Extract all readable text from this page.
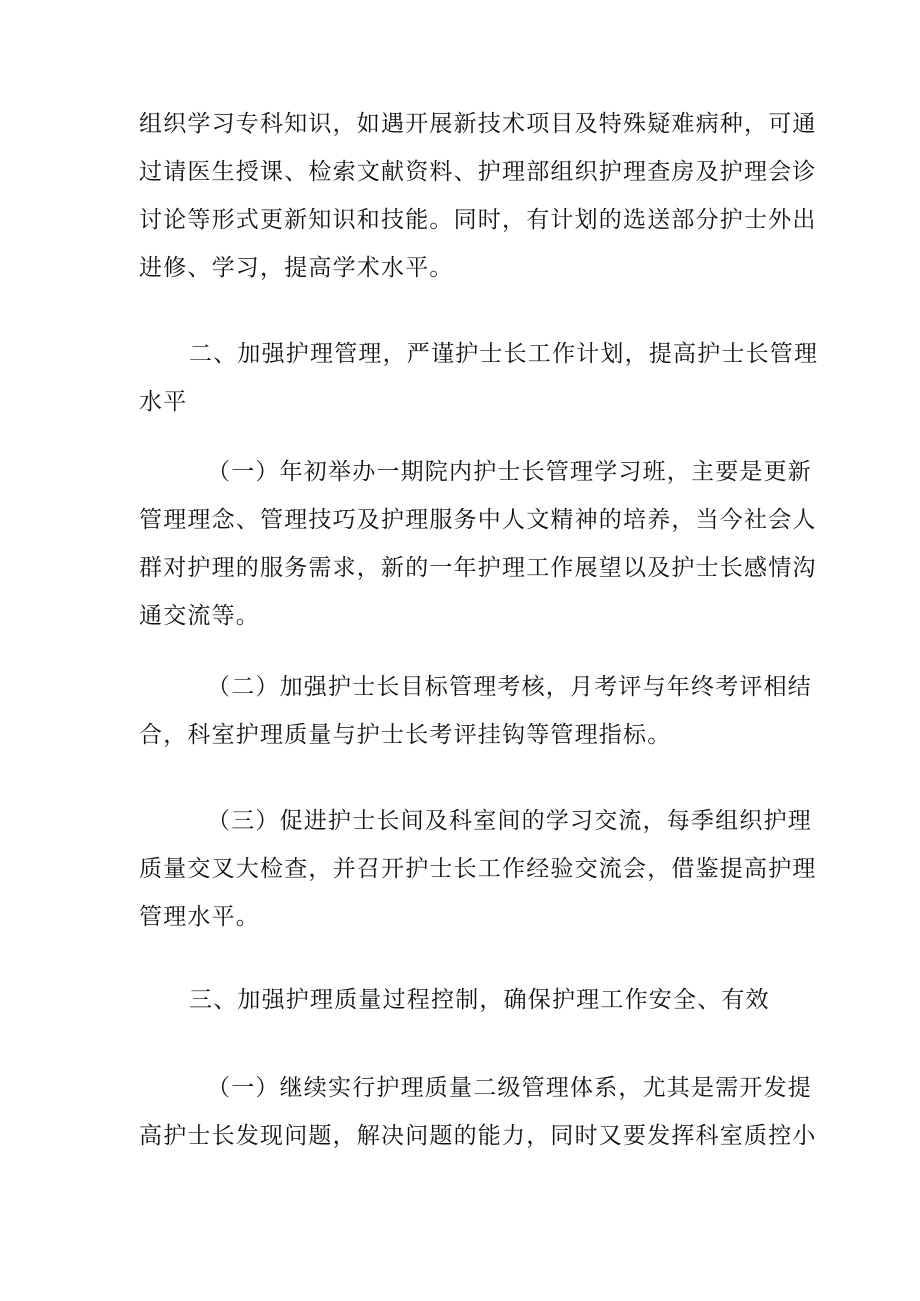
组织学习专科知识，如遇开展新技术项目及特殊疑难病种，可通
过请医生授课、检索文献资料、护理部组织护理查房及护理会诊
讨论等形式更新知识和技能。同时，有计划的选送部分护士外出
进修、学习，提高学术水平。
二、加强护理管理，严谨护士长工作计划，提高护士长管理
水平
（一）年初举办一期院内护士长管理学习班，主要是更新
管理理念、管理技巧及护理服务中人文精神的培养，当今社会人
群对护理的服务需求，新的一年护理工作展望以及护士长感情沟
通交流等。
（二）加强护士长目标管理考核，月考评与年终考评相结
合，科室护理质量与护士长考评挂钩等管理指标。
（三）促进护士长间及科室间的学习交流，每季组织护理
质量交叉大检查，并召开护士长工作经验交流会，借鉴提高护理
管理水平。
三、加强护理质量过程控制，确保护理工作安全、有效
（一）继续实行护理质量二级管理体系，尤其是需开发提
高护士长发现问题，解决问题的能力，同时又要发挥科室质控小
